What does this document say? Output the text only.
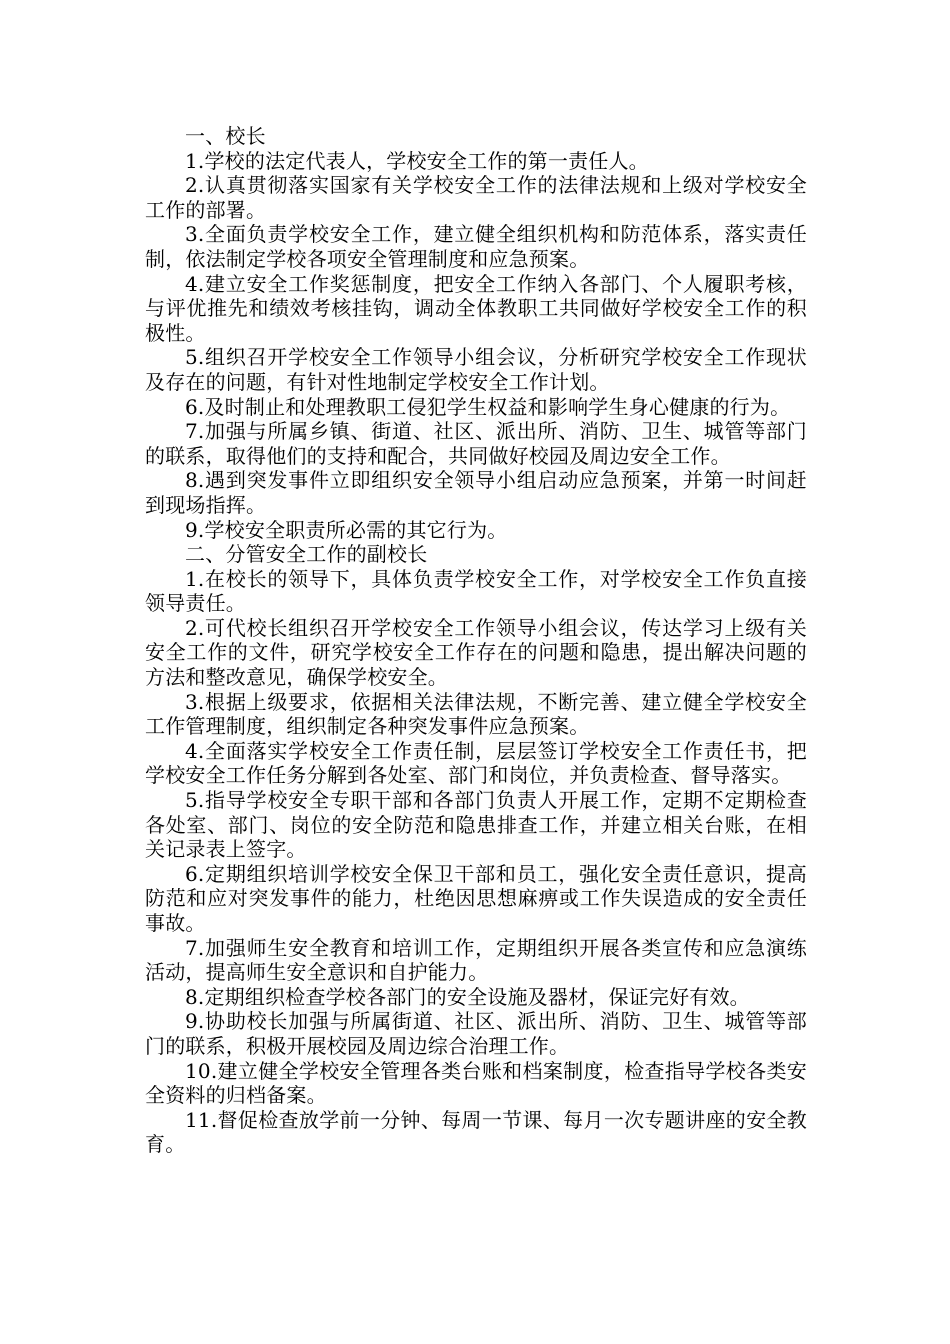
一、校长

1.学校的法定代表人，学校安全工作的第一责任人。

2.认真贯彻落实国家有关学校安全工作的法律法规和上级对学校安全工作的部署。

3.全面负责学校安全工作，建立健全组织机构和防范体系，落实责任制，依法制定学校各项安全管理制度和应急预案。

4.建立安全工作奖惩制度，把安全工作纳入各部门、个人履职考核，与评优推先和绩效考核挂钩，调动全体教职工共同做好学校安全工作的积极性。

5.组织召开学校安全工作领导小组会议，分析研究学校安全工作现状及存在的问题，有针对性地制定学校安全工作计划。

6.及时制止和处理教职工侵犯学生权益和影响学生身心健康的行为。

7.加强与所属乡镇、街道、社区、派出所、消防、卫生、城管等部门的联系，取得他们的支持和配合，共同做好校园及周边安全工作。

8.遇到突发事件立即组织安全领导小组启动应急预案，并第一时间赶到现场指挥。

9.学校安全职责所必需的其它行为。

二、分管安全工作的副校长

1.在校长的领导下，具体负责学校安全工作，对学校安全工作负直接领导责任。

2.可代校长组织召开学校安全工作领导小组会议，传达学习上级有关安全工作的文件，研究学校安全工作存在的问题和隐患，提出解决问题的方法和整改意见，确保学校安全。

3.根据上级要求，依据相关法律法规，不断完善、建立健全学校安全工作管理制度，组织制定各种突发事件应急预案。

4.全面落实学校安全工作责任制，层层签订学校安全工作责任书，把学校安全工作任务分解到各处室、部门和岗位，并负责检查、督导落实。

5.指导学校安全专职干部和各部门负责人开展工作，定期不定期检查各处室、部门、岗位的安全防范和隐患排查工作，并建立相关台账，在相关记录表上签字。

6.定期组织培训学校安全保卫干部和员工，强化安全责任意识，提高防范和应对突发事件的能力，杜绝因思想麻痹或工作失误造成的安全责任事故。

7.加强师生安全教育和培训工作，定期组织开展各类宣传和应急演练活动，提高师生安全意识和自护能力。

8.定期组织检查学校各部门的安全设施及器材，保证完好有效。

9.协助校长加强与所属街道、社区、派出所、消防、卫生、城管等部门的联系，积极开展校园及周边综合治理工作。

10.建立健全学校安全管理各类台账和档案制度，检查指导学校各类安全资料的归档备案。

11.督促检查放学前一分钟、每周一节课、每月一次专题讲座的安全教育。
